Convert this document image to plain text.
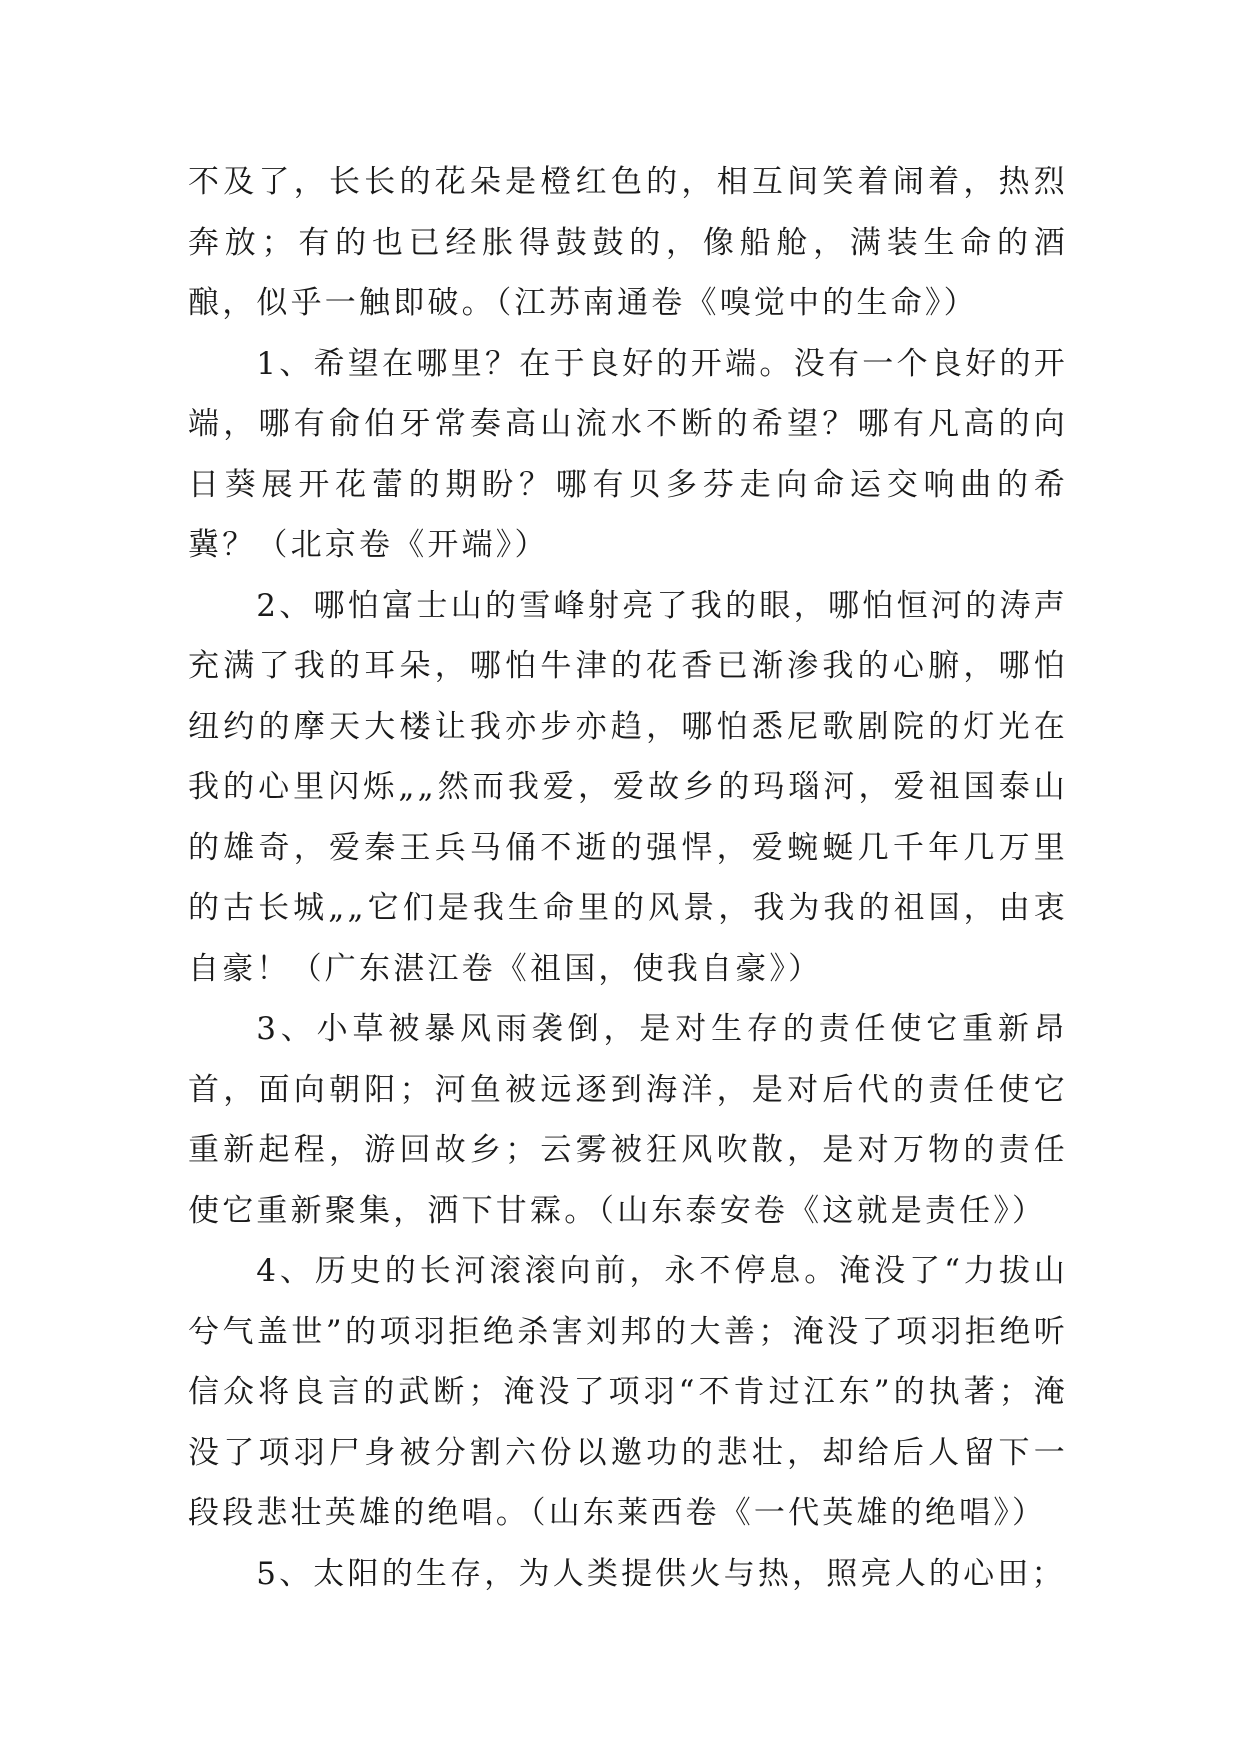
不及了，长长的花朵是橙红色的，相互间笑着闹着，热烈奔放；有的也已经胀得鼓鼓的，像船舱，满装生命的酒酿，似乎一触即破。（江苏南通卷《嗅觉中的生命》）

1、希望在哪里？在于良好的开端。没有一个良好的开端，哪有俞伯牙常奏高山流水不断的希望？哪有凡高的向日葵展开花蕾的期盼？哪有贝多芬走向命运交响曲的希冀？（北京卷《开端》）

2、哪怕富士山的雪峰射亮了我的眼，哪怕恒河的涛声充满了我的耳朵，哪怕牛津的花香已渐渗我的心腑，哪怕纽约的摩天大楼让我亦步亦趋，哪怕悉尼歌剧院的灯光在我的心里闪烁„„然而我爱，爱故乡的玛瑙河，爱祖国泰山的雄奇，爱秦王兵马俑不逝的强悍，爱蜿蜒几千年几万里的古长城„„它们是我生命里的风景，我为我的祖国，由衷自豪！（广东湛江卷《祖国，使我自豪》）

3、小草被暴风雨袭倒，是对生存的责任使它重新昂首，面向朝阳；河鱼被远逐到海洋，是对后代的责任使它重新起程，游回故乡；云雾被狂风吹散，是对万物的责任使它重新聚集，洒下甘霖。（山东泰安卷《这就是责任》）

4、历史的长河滚滚向前，永不停息。淹没了“力拔山兮气盖世”的项羽拒绝杀害刘邦的大善；淹没了项羽拒绝听信众将良言的武断；淹没了项羽“不肯过江东”的执著；淹没了项羽尸身被分割六份以邀功的悲壮，却给后人留下一段段悲壮英雄的绝唱。（山东莱西卷《一代英雄的绝唱》）

5、太阳的生存，为人类提供火与热，照亮人的心田；
